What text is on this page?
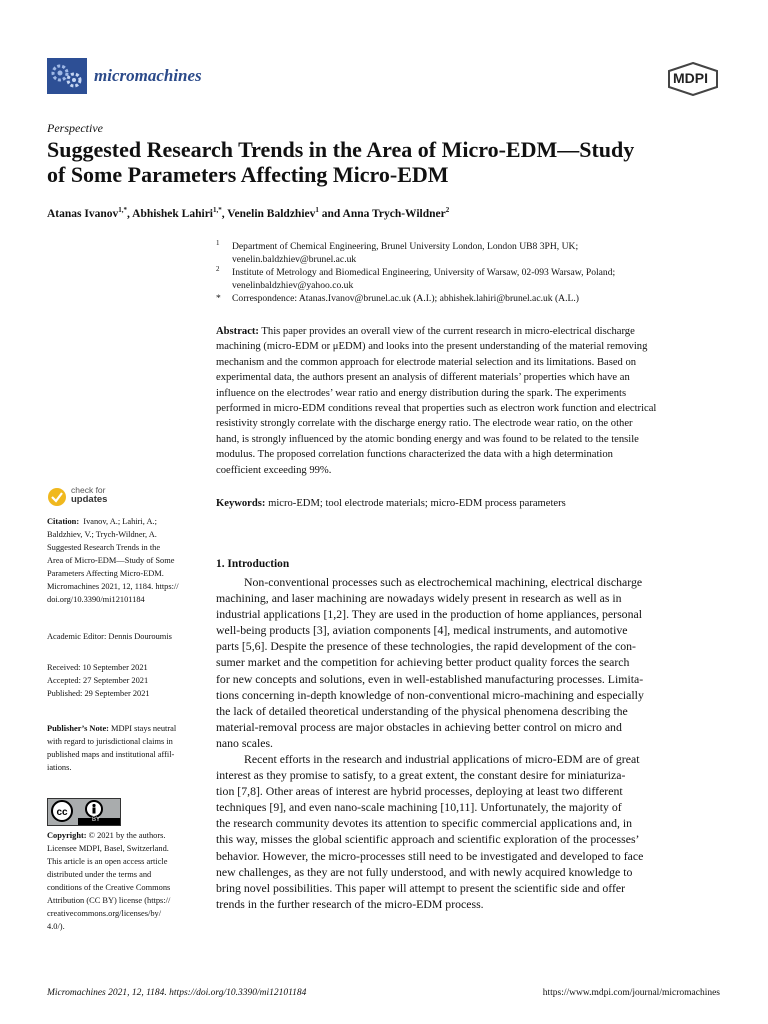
micromachines	MDPI
Perspective
Suggested Research Trends in the Area of Micro-EDM—Study
of Some Parameters Affecting Micro-EDM
Atanas Ivanov$^{1,*}$, Abhishek Lahiri$^{1,*}$, Venelin Baldzhiev$^1$ and Anna Trych-Wildner$^2$
1 Department of Chemical Engineering, Brunel University London, London UB8 3PH, UK;
venelin.baldzhiev@brunel.ac.uk
2 Institute of Metrology and Biomedical Engineering, University of Warsaw, 02-093 Warsaw, Poland;
venelinbaldzhiev@yahoo.co.uk
* Correspondence: Atanas.Ivanov@brunel.ac.uk (A.I.); abhishek.lahiri@brunel.ac.uk (A.L.)
Abstract: This paper provides an overall view of the current research in micro-electrical discharge
machining (micro-EDM or μEDM) and looks into the present understanding of the material removing
mechanism and the common approach for electrode material selection and its limitations. Based on
experimental data, the authors present an analysis of different materials’ properties which have an
influence on the electrodes’ wear ratio and energy distribution during the spark. The experiments
performed in micro-EDM conditions reveal that properties such as electron work function and electrical
resistivity strongly correlate with the discharge energy ratio. The electrode wear ratio, on the other
hand, is strongly influenced by the atomic bonding energy and was found to be related to the tensile
modulus. The proposed correlation functions characterized the data with a high determination
coefficient exceeding 99%.
Keywords: micro-EDM; tool electrode materials; micro-EDM process parameters
check for
updates
Citation: Ivanov, A.; Lahiri, A.;
Baldzhiev, V.; Trych-Wildner, A.
Suggested Research Trends in the
Area of Micro-EDM—Study of Some
Parameters Affecting Micro-EDM.
Micromachines 2021, 12, 1184. https://
doi.org/10.3390/mi12101184
Academic Editor: Dennis Douroumis
Received: 10 September 2021
Accepted: 27 September 2021
Published: 29 September 2021
Publisher’s Note: MDPI stays neutral
with regard to jurisdictional claims in
published maps and institutional affil-
iations.
cc
BY
Copyright: © 2021 by the authors.
Licensee MDPI, Basel, Switzerland.
This article is an open access article
distributed under the terms and
conditions of the Creative Commons
Attribution (CC BY) license (https://
creativecommons.org/licenses/by/
4.0/).
1. Introduction
Non-conventional processes such as electrochemical machining, electrical discharge
machining, and laser machining are nowadays widely present in research as well as in
industrial applications [1,2]. They are used in the production of home appliances, personal
well-being products [3], aviation components [4], medical instruments, and automotive
parts [5,6]. Despite the presence of these technologies, the rapid development of the con-
sumer market and the competition for achieving better product quality forces the search
for new concepts and solutions, even in well-established manufacturing processes. Limita-
tions concerning in-depth knowledge of non-conventional micro-machining and especially
the lack of detailed theoretical understanding of the physical phenomena describing the
material-removal process are major obstacles in achieving better control on micro and
nano scales.
Recent efforts in the research and industrial applications of micro-EDM are of great
interest as they promise to satisfy, to a great extent, the constant desire for miniaturiza-
tion [7,8]. Other areas of interest are hybrid processes, deploying at least two different
techniques [9], and even nano-scale machining [10,11]. Unfortunately, the majority of
the research community devotes its attention to specific commercial applications and, in
this way, misses the global scientific approach and scientific exploration of the processes’
behavior. However, the micro-processes still need to be investigated and developed to face
new challenges, as they are not fully understood, and with newly acquired knowledge to
bring novel possibilities. This paper will attempt to present the scientific side and offer
trends in the further research of the micro-EDM process.
Micromachines 2021, 12, 1184. https://doi.org/10.3390/mi12101184	https://www.mdpi.com/journal/micromachines
